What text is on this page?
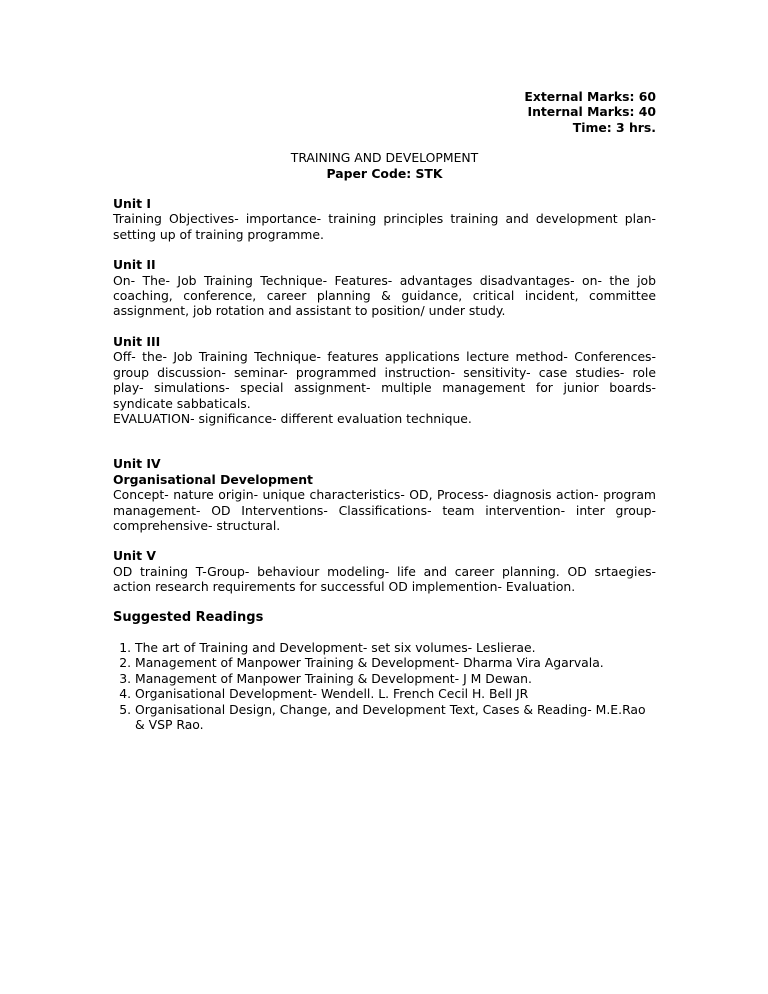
External Marks: 60
Internal Marks: 40
Time: 3 hrs.
TRAINING AND DEVELOPMENT
Paper Code: STK
Unit I
Training Objectives- importance- training principles training and development plan- setting up of training programme.
Unit II
On- The- Job Training Technique- Features- advantages disadvantages- on- the job coaching, conference, career planning & guidance, critical incident, committee assignment, job rotation and assistant to position/ under study.
Unit III
Off- the- Job Training Technique- features applications lecture method- Conferences- group discussion- seminar- programmed instruction- sensitivity- case studies- role play- simulations- special assignment- multiple management for junior boards- syndicate sabbaticals.
EVALUATION- significance- different evaluation technique.
Unit IV
Organisational Development
Concept- nature origin- unique characteristics- OD, Process- diagnosis action- program management- OD Interventions- Classifications- team intervention- inter group- comprehensive- structural.
Unit V
OD training T-Group- behaviour modeling- life and career planning. OD srtaegies- action research requirements for successful OD implemention- Evaluation.
Suggested Readings
1. The art of Training and Development- set six volumes- Leslierae.
2. Management of Manpower Training & Development- Dharma Vira Agarvala.
3. Management of Manpower Training & Development- J M Dewan.
4. Organisational Development- Wendell. L. French Cecil H. Bell JR
5. Organisational Design, Change, and Development Text, Cases & Reading- M.E.Rao & VSP Rao.
